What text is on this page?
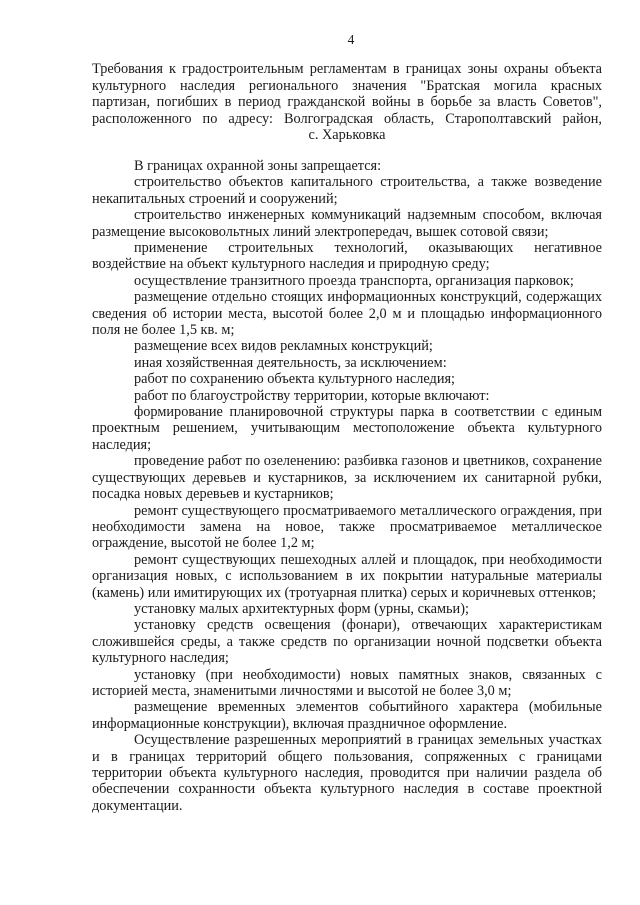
4
Требования к градостроительным регламентам в границах зоны охраны объекта
культурного наследия регионального значения "Братская могила красных
партизан, погибших в период гражданской войны в борьбе за власть Советов",
расположенного по адресу: Волгоградская область, Старополтавский район,
с. Харьковка

В границах охранной зоны запрещается:

строительство объектов капитального строительства, а также возведение некапитальных строений и сооружений;

строительство инженерных коммуникаций надземным способом, включая размещение высоковольтных линий электропередач, вышек сотовой связи;

применение строительных технологий, оказывающих негативное воздействие на объект культурного наследия и природную среду;

осуществление транзитного проезда транспорта, организация парковок;

размещение отдельно стоящих информационных конструкций, содержащих сведения об истории места, высотой более 2,0 м и площадью информационного поля не более 1,5 кв. м;

размещение всех видов рекламных конструкций;

иная хозяйственная деятельность, за исключением:

работ по сохранению объекта культурного наследия;

работ по благоустройству территории, которые включают:

формирование планировочной структуры парка в соответствии с единым проектным решением, учитывающим местоположение объекта культурного наследия;

проведение работ по озеленению: разбивка газонов и цветников, сохранение существующих деревьев и кустарников, за исключением их санитарной рубки, посадка новых деревьев и кустарников;

ремонт существующего просматриваемого металлического ограждения, при необходимости замена на новое, также просматриваемое металлическое ограждение, высотой не более 1,2 м;

ремонт существующих пешеходных аллей и площадок, при необходимости организация новых, с использованием в их покрытии натуральные материалы (камень) или имитирующих их (тротуарная плитка) серых и коричневых оттенков;

установку малых архитектурных форм (урны, скамьи);

установку средств освещения (фонари), отвечающих характеристикам сложившейся среды, а также средств по организации ночной подсветки объекта культурного наследия;

установку (при необходимости) новых памятных знаков, связанных с историей места, знаменитыми личностями и высотой не более 3,0 м;

размещение временных элементов событийного характера (мобильные информационные конструкции), включая праздничное оформление.

Осуществление разрешенных мероприятий в границах земельных участках и в границах территорий общего пользования, сопряженных с границами территории объекта культурного наследия, проводится при наличии раздела об обеспечении сохранности объекта культурного наследия в составе проектной документации.
